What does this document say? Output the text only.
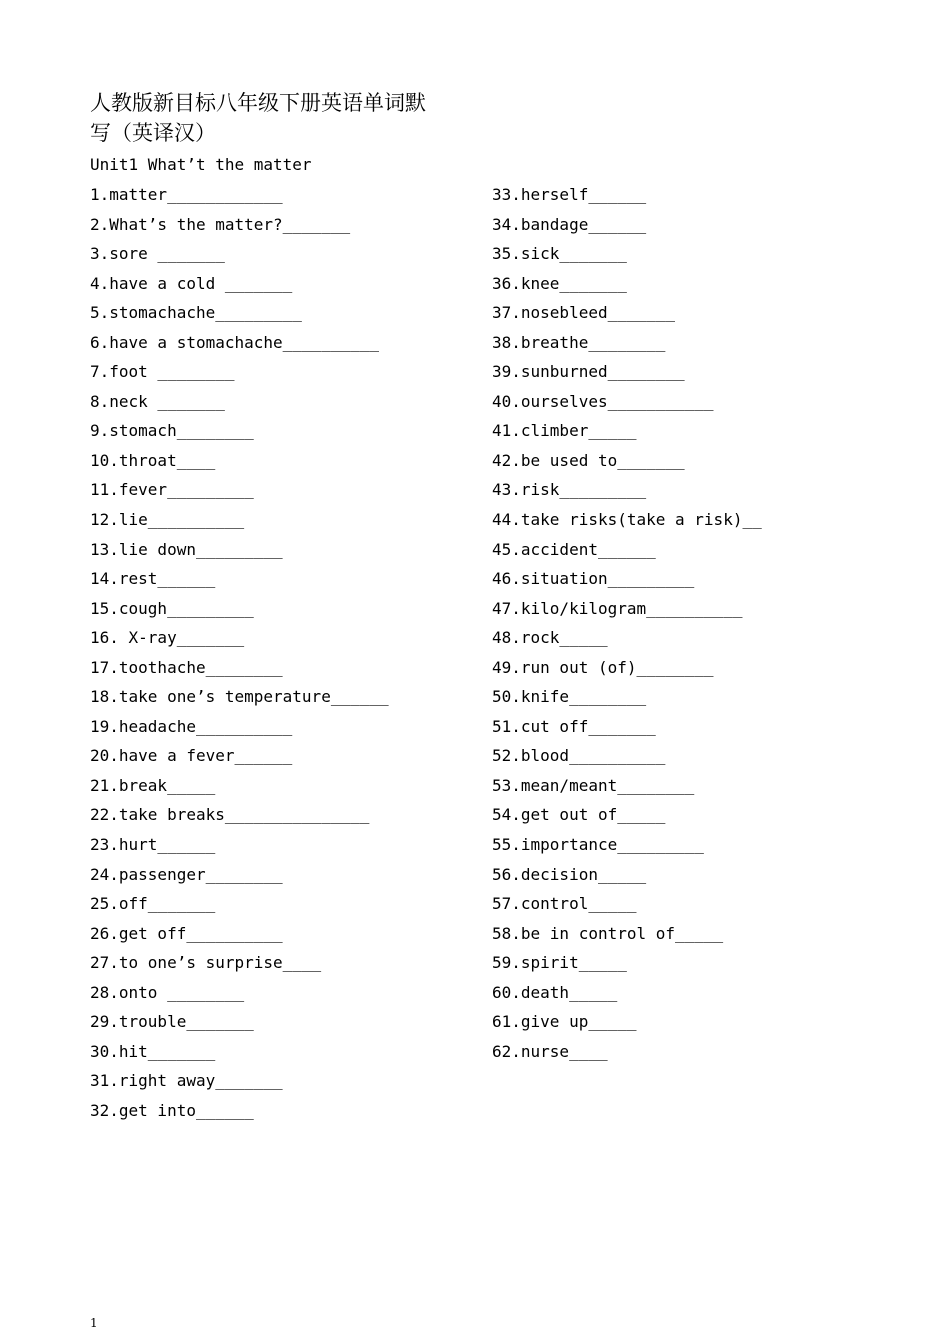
人教版新目标八年级下册英语单词默
写（英译汉）
Unit1 What’t the matter
1.matter____________
2.What’s the matter?_______
3.sore _______
4.have a cold _______
5.stomachache_________
6.have a stomachache__________
7.foot ________
8.neck _______
9.stomach________
10.throat____
11.fever_________
12.lie__________
13.lie down_________
14.rest______
15.cough_________
16. X-ray_______
17.toothache________
18.take one’s temperature______
19.headache__________
20.have a fever______
21.break_____
22.take breaks_______________
23.hurt______
24.passenger________
25.off_______
26.get off__________
27.to one’s surprise____
28.onto ________
29.trouble_______
30.hit_______
31.right away_______
32.get into______
33.herself______
34.bandage______
35.sick_______
36.knee_______
37.nosebleed_______
38.breathe________
39.sunburned________
40.ourselves___________
41.climber_____
42.be used to_______
43.risk_________
44.take risks(take a risk)__
45.accident______
46.situation_________
47.kilo/kilogram__________
48.rock_____
49.run out (of)________
50.knife________
51.cut off_______
52.blood__________
53.mean/meant________
54.get out of_____
55.importance_________
56.decision_____
57.control_____
58.be in control of_____
59.spirit_____
60.death_____
61.give up_____
62.nurse____
1
